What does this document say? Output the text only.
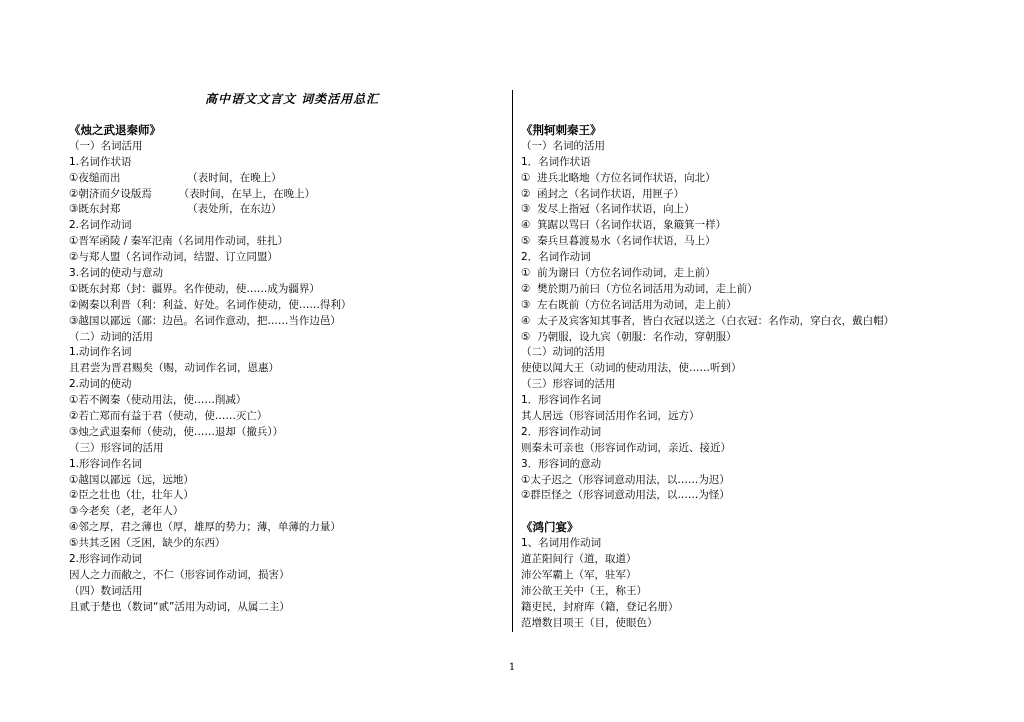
高中语文文言文 词类活用总汇
《烛之武退秦师》
（一）名词活用
1.名词作状语
①夜缒而出                    （表时间，在晚上）
②朝济而夕设版焉        （表时间，在早上，在晚上）
③既东封郑                    （表处所，在东边）
2.名词作动词
①晋军函陵 / 秦军氾南（名词用作动词，驻扎）
②与郑人盟（名词作动词，结盟、订立同盟）
3.名词的使动与意动
①既东封郑（封：疆界。名作使动，使……成为疆界）
②阙秦以利晋（利：利益、好处。名词作使动，使……得利）
③越国以鄙远（鄙：边邑。名词作意动，把……当作边邑）
（二）动词的活用
1.动词作名词
且君尝为晋君赐矣（赐，动词作名词，恩惠）
2.动词的使动
①若不阙秦（使动用法，使……削减）
②若亡郑而有益于君（使动，使……灭亡）
③烛之武退秦师（使动，使……退却（撤兵））
（三）形容词的活用
1.形容词作名词
①越国以鄙远（远，远地）
②臣之壮也（壮，壮年人）
③今老矣（老，老年人）
④邻之厚，君之薄也（厚，雄厚的势力；薄，单薄的力量）
⑤共其乏困（乏困，缺少的东西）
2.形容词作动词
因人之力而敝之，不仁（形容词作动词，损害）
（四）数词活用
且贰于楚也（数词“贰”活用为动词，从属二主）
《荆轲刺秦王》
（一）名词的活用
1．名词作状语
①  进兵北略地（方位名词作状语，向北）
②  函封之（名词作状语，用匣子）
③  发尽上指冠（名词作状语，向上）
④  箕踞以骂曰（名词作状语，象簸箕一样）
⑤  秦兵旦暮渡易水（名词作状语，马上）
2．名词作动词
①  前为谢曰（方位名词作动词，走上前）
②  樊於期乃前曰（方位名词活用为动词，走上前）
③  左右既前（方位名词活用为动词，走上前）
④  太子及宾客知其事者，皆白衣冠以送之（白衣冠：名作动，穿白衣，戴白帽）
⑤  乃朝服，设九宾（朝服：名作动，穿朝服）
（二）动词的活用
使使以闻大王（动词的使动用法，使……听到）
（三）形容词的活用
1．形容词作名词
其人居远（形容词活用作名词，远方）
2．形容词作动词
则秦未可亲也（形容词作动词，亲近、接近）
3．形容词的意动
①太子迟之（形容词意动用法，以……为迟）
②群臣怪之（形容词意动用法，以……为怪）
《鸿门宴》
1、名词用作动词
道芷阳间行（道，取道）
沛公军霸上（军，驻军）
沛公欲王关中（王，称王）
籍吏民，封府库（籍，登记名册）
范增数目项王（目，使眼色）
1
